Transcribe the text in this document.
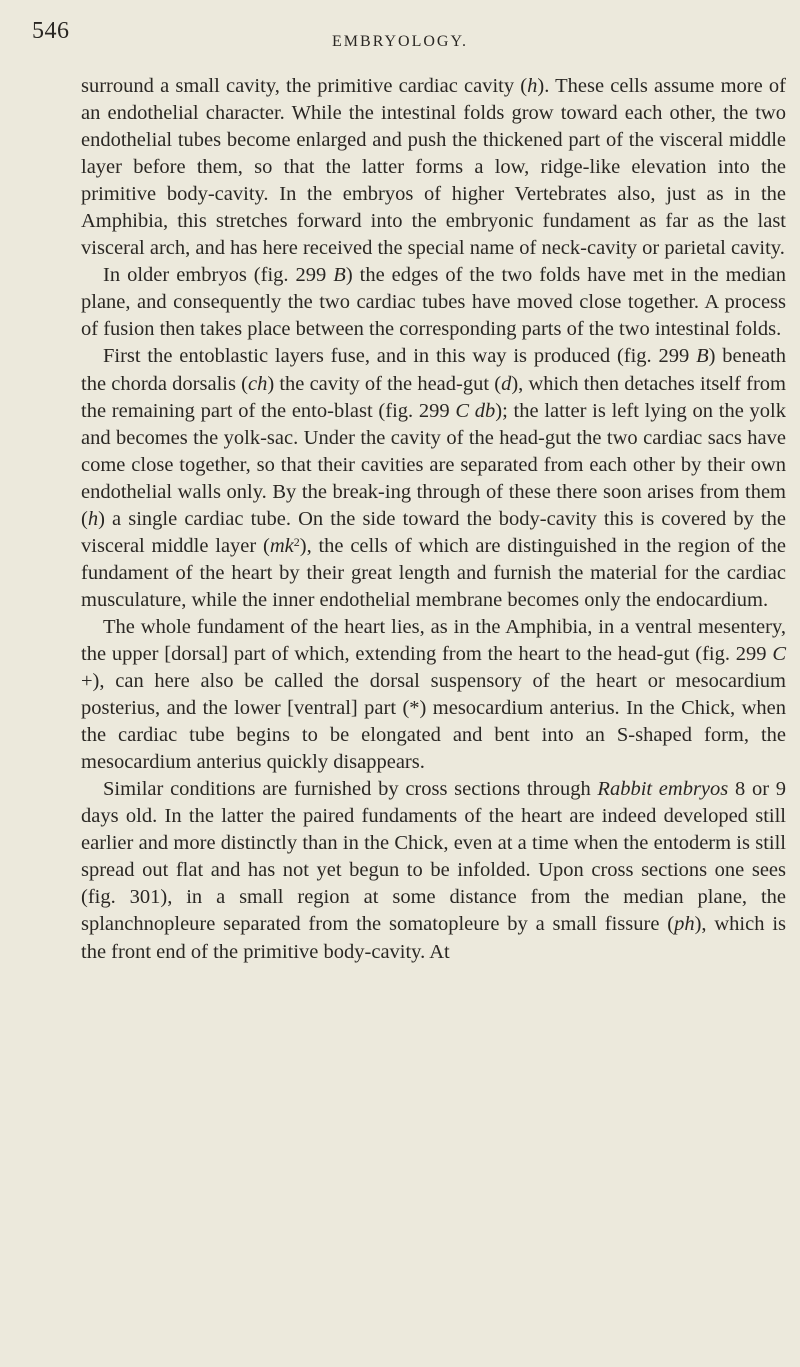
546	EMBRYOLOGY.

surround a small cavity, the primitive cardiac cavity (h). These cells assume more of an endothelial character. While the intestinal folds grow toward each other, the two endothelial tubes become enlarged and push the thickened part of the visceral middle layer before them, so that the latter forms a low, ridge-like elevation into the primitive body-cavity. In the embryos of higher Vertebrates also, just as in the Amphibia, this stretches forward into the embryonic fundament as far as the last visceral arch, and has here received the special name of neck-cavity or parietal cavity.

In older embryos (fig. 299 B) the edges of the two folds have met in the median plane, and consequently the two cardiac tubes have moved close together. A process of fusion then takes place between the corresponding parts of the two intestinal folds.

First the entoblastic layers fuse, and in this way is produced (fig. 299 B) beneath the chorda dorsalis (ch) the cavity of the head-gut (d), which then detaches itself from the remaining part of the ento-blast (fig. 299 C db); the latter is left lying on the yolk and becomes the yolk-sac. Under the cavity of the head-gut the two cardiac sacs have come close together, so that their cavities are separated from each other by their own endothelial walls only. By the break-ing through of these there soon arises from them (h) a single cardiac tube. On the side toward the body-cavity this is covered by the visceral middle layer $(mk^2)$, the cells of which are distinguished in the region of the fundament of the heart by their great length and furnish the material for the cardiac musculature, while the inner endothelial membrane becomes only the endocardium.

The whole fundament of the heart lies, as in the Amphibia, in a ventral mesentery, the upper [dorsal] part of which, extending from the heart to the head-gut (fig. 299 C +), can here also be called the dorsal suspensory of the heart or mesocardium posterius, and the lower [ventral] part (*) mesocardium anterius. In the Chick, when the cardiac tube begins to be elongated and bent into an S-shaped form, the mesocardium anterius quickly disappears.

Similar conditions are furnished by cross sections through Rabbit embryos 8 or 9 days old. In the latter the paired fundaments of the heart are indeed developed still earlier and more distinctly than in the Chick, even at a time when the entoderm is still spread out flat and has not yet begun to be infolded. Upon cross sections one sees (fig. 301), in a small region at some distance from the median plane, the splanchnopleure separated from the somatopleure by a small fissure (ph), which is the front end of the primitive body-cavity. At
